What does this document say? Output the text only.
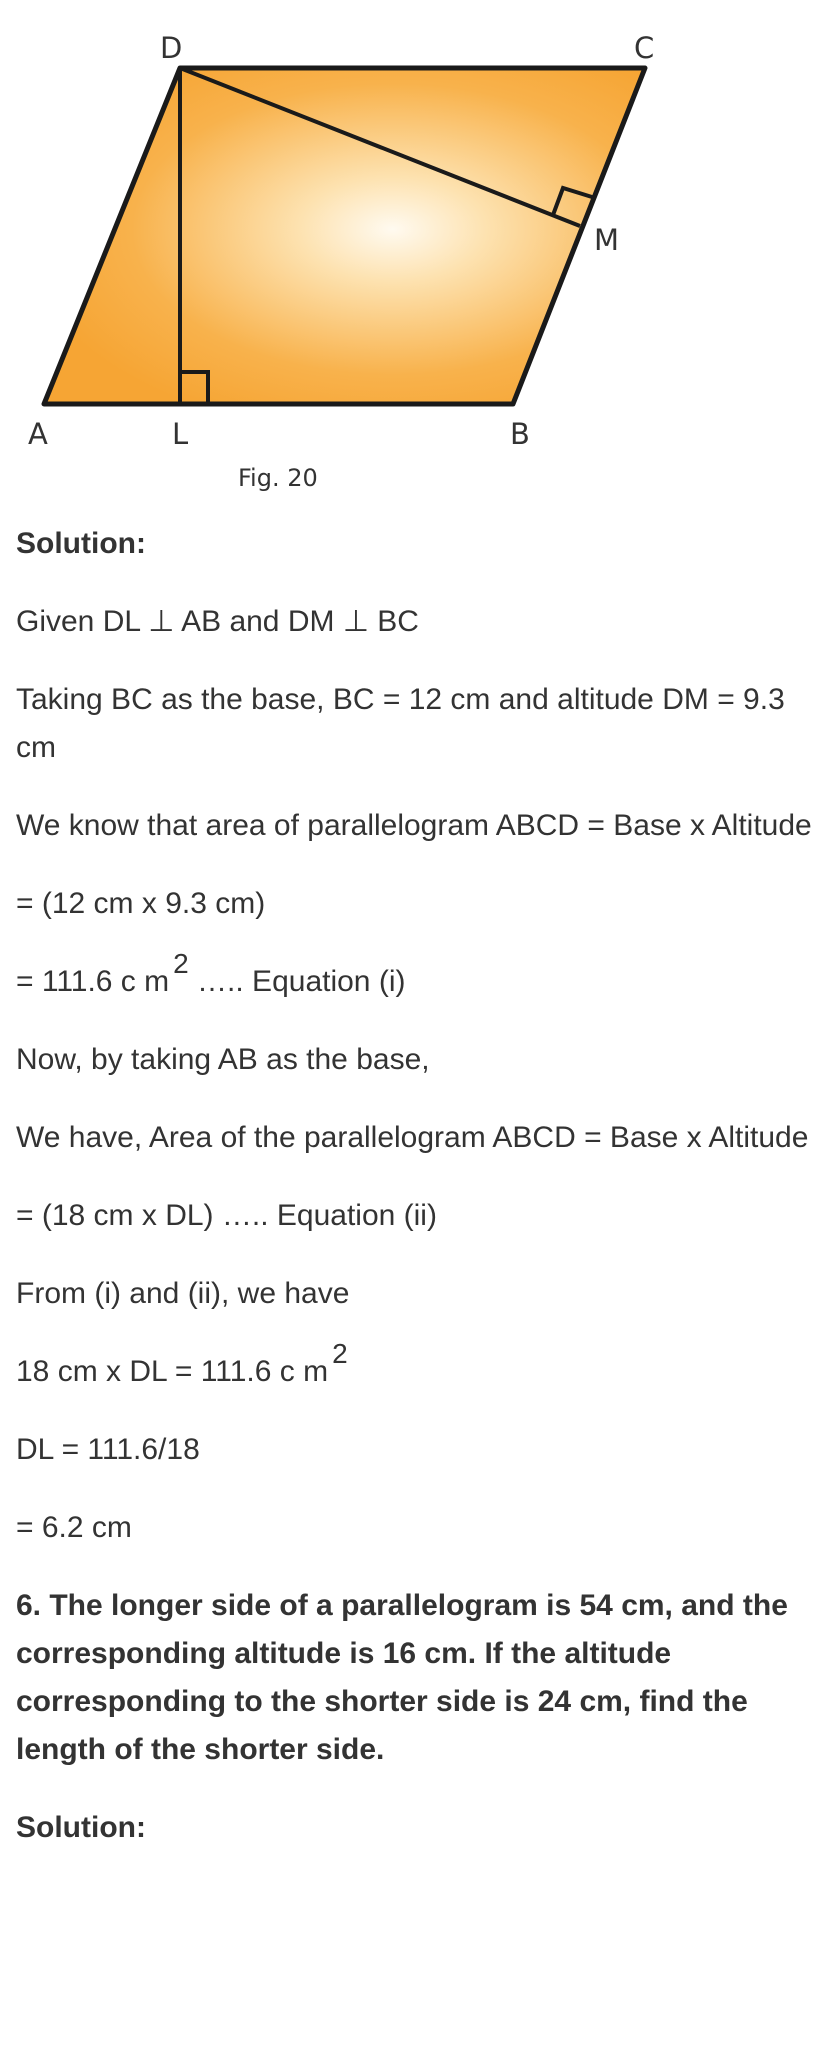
D	C
M
A	L	B
Fig. 20

Solution:

Given DL ⊥ AB and DM ⊥ BC

Taking BC as the base, BC = 12 cm and altitude DM = 9.3 cm

We know that area of parallelogram ABCD = Base x Altitude

= (12 cm x 9.3 cm)

= 111.6 c m2 ….. Equation (i)

Now, by taking AB as the base,

We have, Area of the parallelogram ABCD = Base x Altitude

= (18 cm x DL) ….. Equation (ii)

From (i) and (ii), we have

18 cm x DL = 111.6 c m2

DL = 111.6/18

= 6.2 cm

6. The longer side of a parallelogram is 54 cm, and the corresponding altitude is 16 cm. If the altitude corresponding to the shorter side is 24 cm, find the length of the shorter side.

Solution:
